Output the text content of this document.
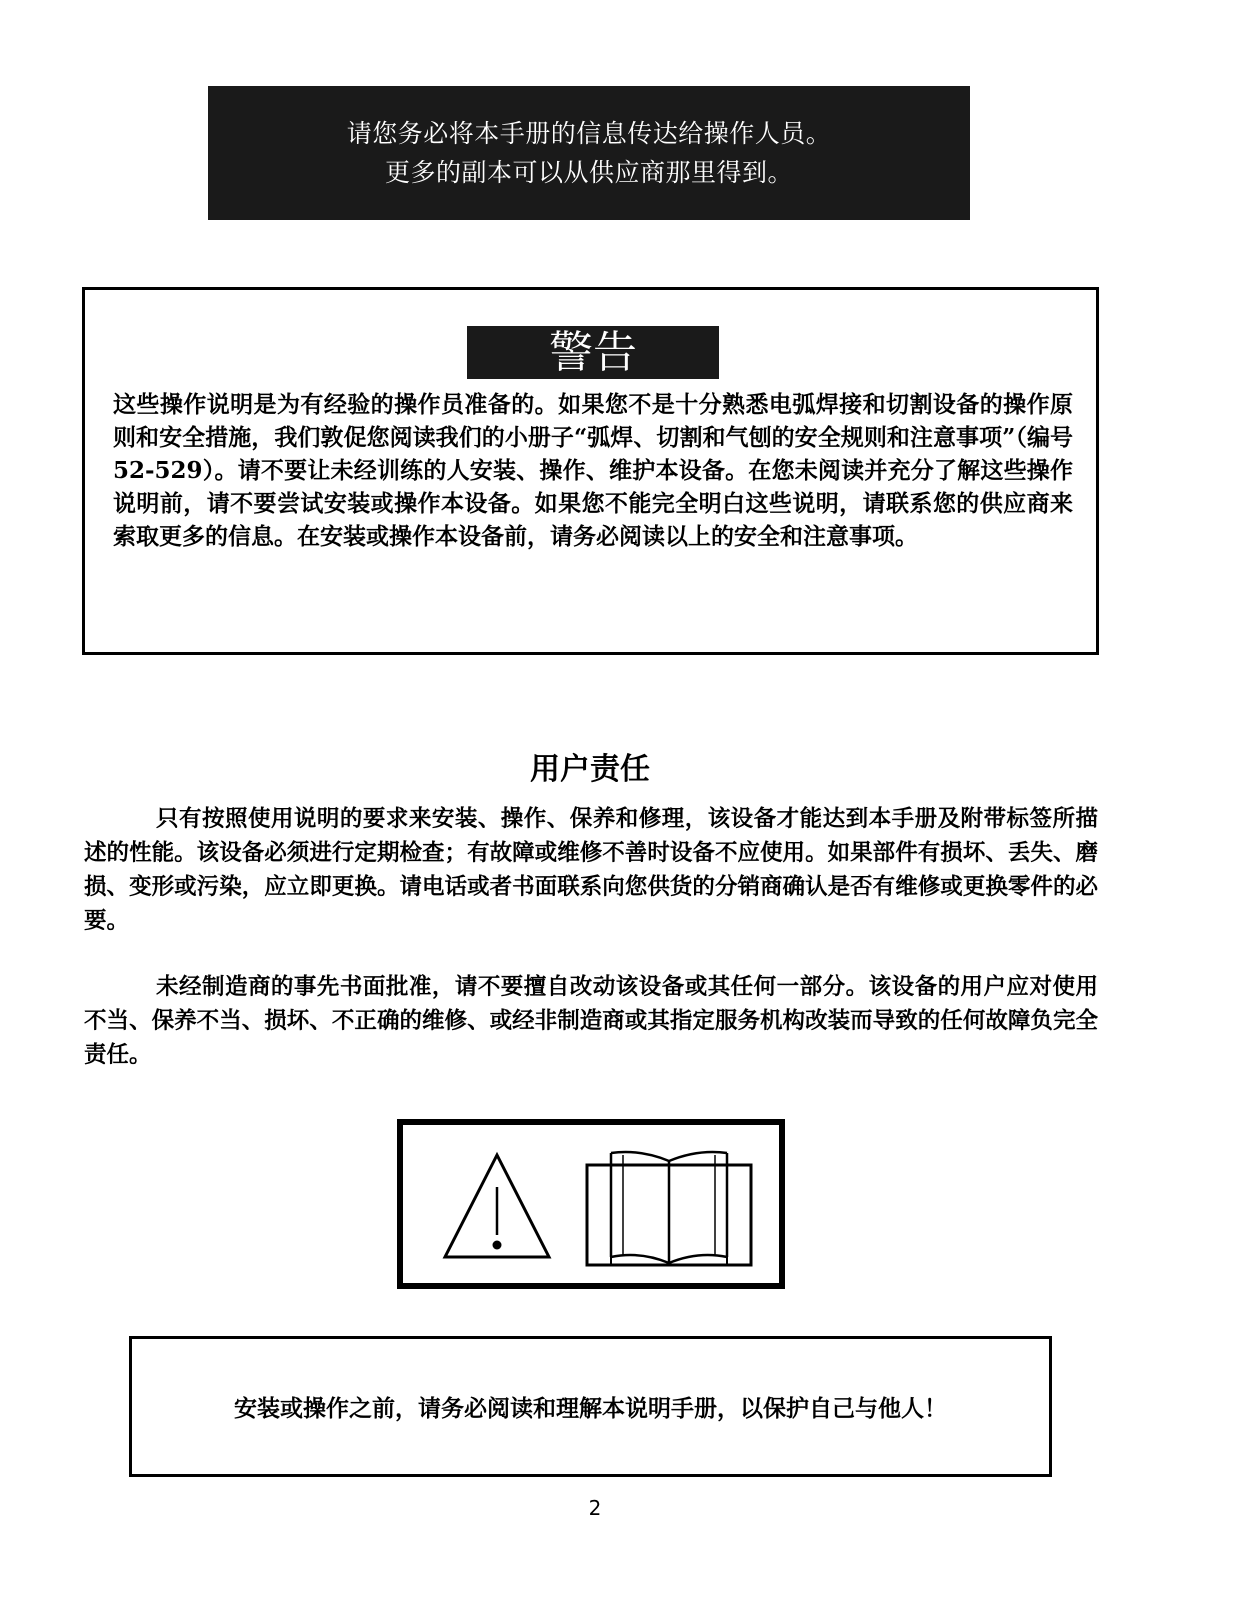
请您务必将本手册的信息传达给操作人员。

更多的副本可以从供应商那里得到。

警告

这些操作说明是为有经验的操作员准备的。如果您不是十分熟悉电弧焊接和切割设备的操作原则和安全措施，我们敦促您阅读我们的小册子“弧焊、切割和气刨的安全规则和注意事项”（编号52-529）。请不要让未经训练的人安装、操作、维护本设备。在您未阅读并充分了解这些操作说明前，请不要尝试安装或操作本设备。如果您不能完全明白这些说明，请联系您的供应商来索取更多的信息。在安装或操作本设备前，请务必阅读以上的安全和注意事项。

用户责任

只有按照使用说明的要求来安装、操作、保养和修理，该设备才能达到本手册及附带标签所描述的性能。该设备必须进行定期检查；有故障或维修不善时设备不应使用。如果部件有损坏、丢失、磨损、变形或污染，应立即更换。请电话或者书面联系向您供货的分销商确认是否有维修或更换零件的必要。

未经制造商的事先书面批准，请不要擅自改动该设备或其任何一部分。该设备的用户应对使用不当、保养不当、损坏、不正确的维修、或经非制造商或其指定服务机构改装而导致的任何故障负完全责任。

安装或操作之前，请务必阅读和理解本说明手册，以保护自己与他人！

2
